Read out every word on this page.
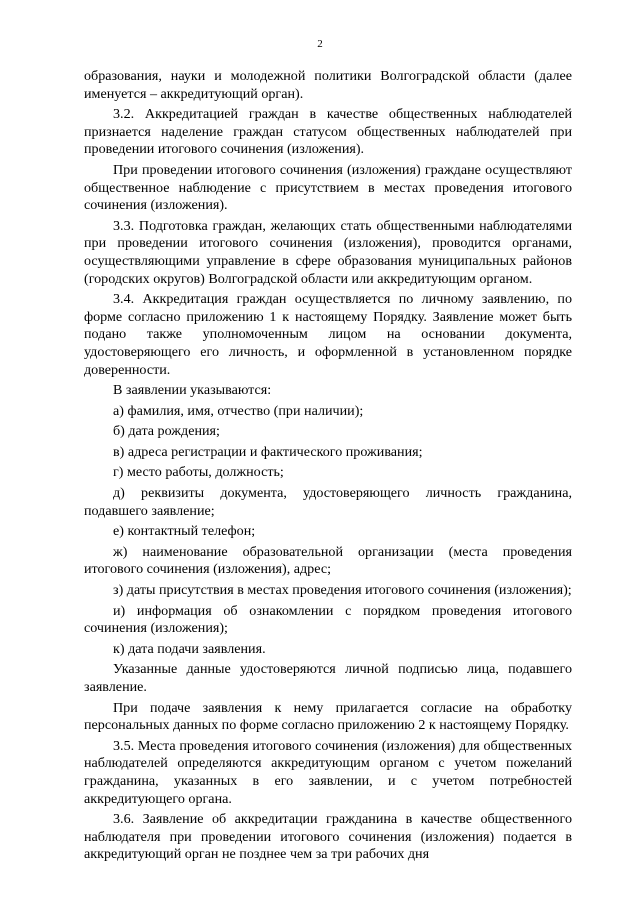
2

образования, науки и молодежной политики Волгоградской области (далее именуется – аккредитующий орган).

3.2. Аккредитацией граждан в качестве общественных наблюдателей признается наделение граждан статусом общественных наблюдателей при проведении итогового сочинения (изложения).

При проведении итогового сочинения (изложения) граждане осуществляют общественное наблюдение с присутствием в местах проведения итогового сочинения (изложения).

3.3. Подготовка граждан, желающих стать общественными наблюдателями при проведении итогового сочинения (изложения), проводится органами, осуществляющими управление в сфере образования муниципальных районов (городских округов) Волгоградской области или аккредитующим органом.

3.4. Аккредитация граждан осуществляется по личному заявлению, по форме согласно приложению 1 к настоящему Порядку. Заявление может быть подано также уполномоченным лицом на основании документа, удостоверяющего его личность, и оформленной в установленном порядке доверенности.

В заявлении указываются:

а) фамилия, имя, отчество (при наличии);

б) дата рождения;

в) адреса регистрации и фактического проживания;

г) место работы, должность;

д) реквизиты документа, удостоверяющего личность гражданина, подавшего заявление;

е) контактный телефон;

ж) наименование образовательной организации (места проведения итогового сочинения (изложения), адрес;

з) даты присутствия в местах проведения итогового сочинения (изложения);

и) информация об ознакомлении с порядком проведения итогового сочинения (изложения);

к) дата подачи заявления.

Указанные данные удостоверяются личной подписью лица, подавшего заявление.

При подаче заявления к нему прилагается согласие на обработку персональных данных по форме согласно приложению 2 к настоящему Порядку.

3.5. Места проведения итогового сочинения (изложения) для общественных наблюдателей определяются аккредитующим органом с учетом пожеланий гражданина, указанных в его заявлении, и с учетом потребностей аккредитующего органа.

3.6. Заявление об аккредитации гражданина в качестве общественного наблюдателя при проведении итогового сочинения (изложения) подается в аккредитующий орган не позднее чем за три рабочих дня
